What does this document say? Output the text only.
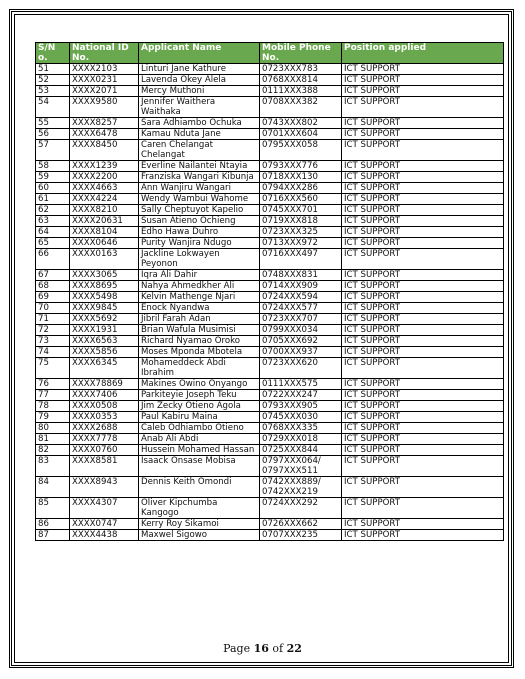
S/N o.	National ID No.	Applicant Name	Mobile Phone No.	Position applied
51	XXXX2103	Linturi Jane Kathure	0723XXX783	ICT SUPPORT
52	XXXX0231	Lavenda Okey Alela	0768XXX814	ICT SUPPORT
53	XXXX2071	Mercy Muthoni	0111XXX388	ICT SUPPORT
54	XXXX9580	Jennifer Waithera Waithaka	0708XXX382	ICT SUPPORT
55	XXXX8257	Sara Adhiambo Ochuka	0743XXX802	ICT SUPPORT
56	XXXX6478	Kamau Nduta Jane	0701XXX604	ICT SUPPORT
57	XXXX8450	Caren Chelangat Chelangat	0795XXX058	ICT SUPPORT
58	XXXX1239	Everline Nailantei Ntayia	0793XXX776	ICT SUPPORT
59	XXXX2200	Franziska Wangari Kibunja	0718XXX130	ICT SUPPORT
60	XXXX4663	Ann Wanjiru Wangari	0794XXX286	ICT SUPPORT
61	XXXX4224	Wendy Wambui Wahome	0716XXX560	ICT SUPPORT
62	XXXX8210	Sally Cheptuyot Kapelio	0745XXX701	ICT SUPPORT
63	XXXX20631	Susan Atieno Ochieng	0719XXX818	ICT SUPPORT
64	XXXX8104	Edho Hawa Duhro	0723XXX325	ICT SUPPORT
65	XXXX0646	Purity Wanjira Ndugo	0713XXX972	ICT SUPPORT
66	XXXX0163	Jackline Lokwayen Peyonon	0716XXX497	ICT SUPPORT
67	XXXX3065	Iqra Ali Dahir	0748XXX831	ICT SUPPORT
68	XXXX8695	Nahya Ahmedkher Ali	0714XXX909	ICT SUPPORT
69	XXXX5498	Kelvin Mathenge Njari	0724XXX594	ICT SUPPORT
70	XXXX9845	Enock Nyandwa	0724XXX577	ICT SUPPORT
71	XXXX5692	Jibril Farah Adan	0723XXX707	ICT SUPPORT
72	XXXX1931	Brian Wafula Musimisi	0799XXX034	ICT SUPPORT
73	XXXX6563	Richard Nyamao Oroko	0705XXX692	ICT SUPPORT
74	XXXX5856	Moses Mponda Mbotela	0700XXX937	ICT SUPPORT
75	XXXX6345	Mohameddeck Abdi Ibrahim	0723XXX620	ICT SUPPORT
76	XXXX78869	Makines Owino Onyango	0111XXX575	ICT SUPPORT
77	XXXX7406	Parkiteyie Joseph Teku	0722XXX247	ICT SUPPORT
78	XXXX0508	Jim Zecky Otieno Agola	0793XXX905	ICT SUPPORT
79	XXXX0353	Paul Kabiru Maina	0745XXX030	ICT SUPPORT
80	XXXX2688	Caleb Odhiambo Otieno	0768XXX335	ICT SUPPORT
81	XXXX7778	Anab Ali Abdi	0729XXX018	ICT SUPPORT
82	XXXX0760	Hussein Mohamed Hassan	0725XXX844	ICT SUPPORT
83	XXXX8581	Isaack Onsase Mobisa	0797XXX064/ 0797XXX511	ICT SUPPORT
84	XXXX8943	Dennis Keith Omondi	0742XXX889/ 0742XXX219	ICT SUPPORT
85	XXXX4307	Oliver Kipchumba Kangogo	0724XXX292	ICT SUPPORT
86	XXXX0747	Kerry Roy Sikamoi	0726XXX662	ICT SUPPORT
87	XXXX4438	Maxwel Sigowo	0707XXX235	ICT SUPPORT
Page 16 of 22
